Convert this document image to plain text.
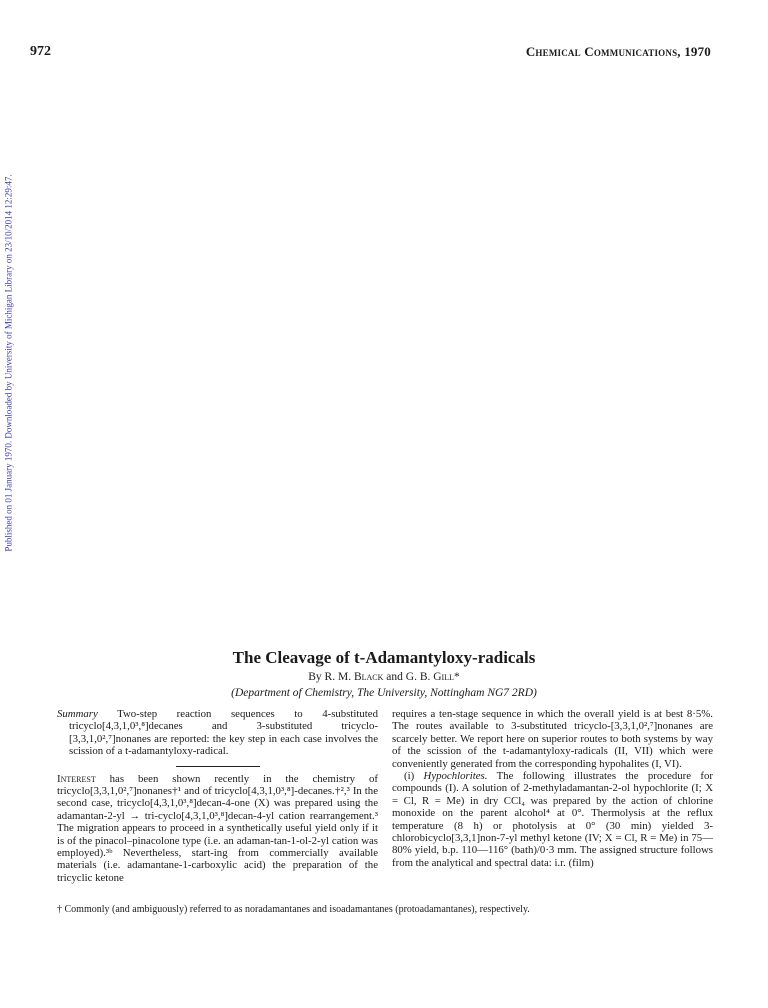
972	Chemical Communications, 1970
Published on 01 January 1970. Downloaded by University of Michigan Library on 23/10/2014 12:29:47.
The Cleavage of t-Adamantyloxy-radicals
By R. M. Black and G. B. Gill*
(Department of Chemistry, The University, Nottingham NG7 2RD)

Summary Two-step reaction sequences to 4-substituted tricyclo[4,3,1,0³,⁸]decanes and 3-substituted tricyclo-[3,3,1,0²,⁷]nonanes are reported: the key step in each case involves the scission of a t-adamantyloxy-radical.

Interest has been shown recently in the chemistry of tricyclo[3,3,1,0²,⁷]nonanes†¹ and of tricyclo[4,3,1,0³,⁸]-decanes.†²,³ In the second case, tricyclo[4,3,1,0³,⁸]decan-4-one (X) was prepared using the adamantan-2-yl → tri-cyclo[4,3,1,0³,⁸]decan-4-yl cation rearrangement.³ The migration appears to proceed in a synthetically useful yield only if it is of the pinacol–pinacolone type (i.e. an adaman-tan-1-ol-2-yl cation was employed).³ᵇ Nevertheless, start-ing from commercially available materials (i.e. adamantane-1-carboxylic acid) the preparation of the tricyclic ketone

requires a ten-stage sequence in which the overall yield is at best 8·5%. The routes available to 3-substituted tricyclo-[3,3,1,0²,⁷]nonanes are scarcely better. We report here on superior routes to both systems by way of the scission of the t-adamantyloxy-radicals (II, VII) which were conveniently generated from the corresponding hypohalites (I, VI).

(i) Hypochlorites. The following illustrates the procedure for compounds (I). A solution of 2-methyladamantan-2-ol hypochlorite (I; X = Cl, R = Me) in dry CCl₄ was prepared by the action of chlorine monoxide on the parent alcohol⁴ at 0°. Thermolysis at the reflux temperature (8 h) or photolysis at 0° (30 min) yielded 3-chlorobicyclo[3,3,1]non-7-yl methyl ketone (IV; X = Cl, R = Me) in 75—80% yield, b.p. 110—116° (bath)/0·3 mm. The assigned structure follows from the analytical and spectral data: i.r. (film)

† Commonly (and ambiguously) referred to as noradamantanes and isoadamantanes (protoadamantanes), respectively.
